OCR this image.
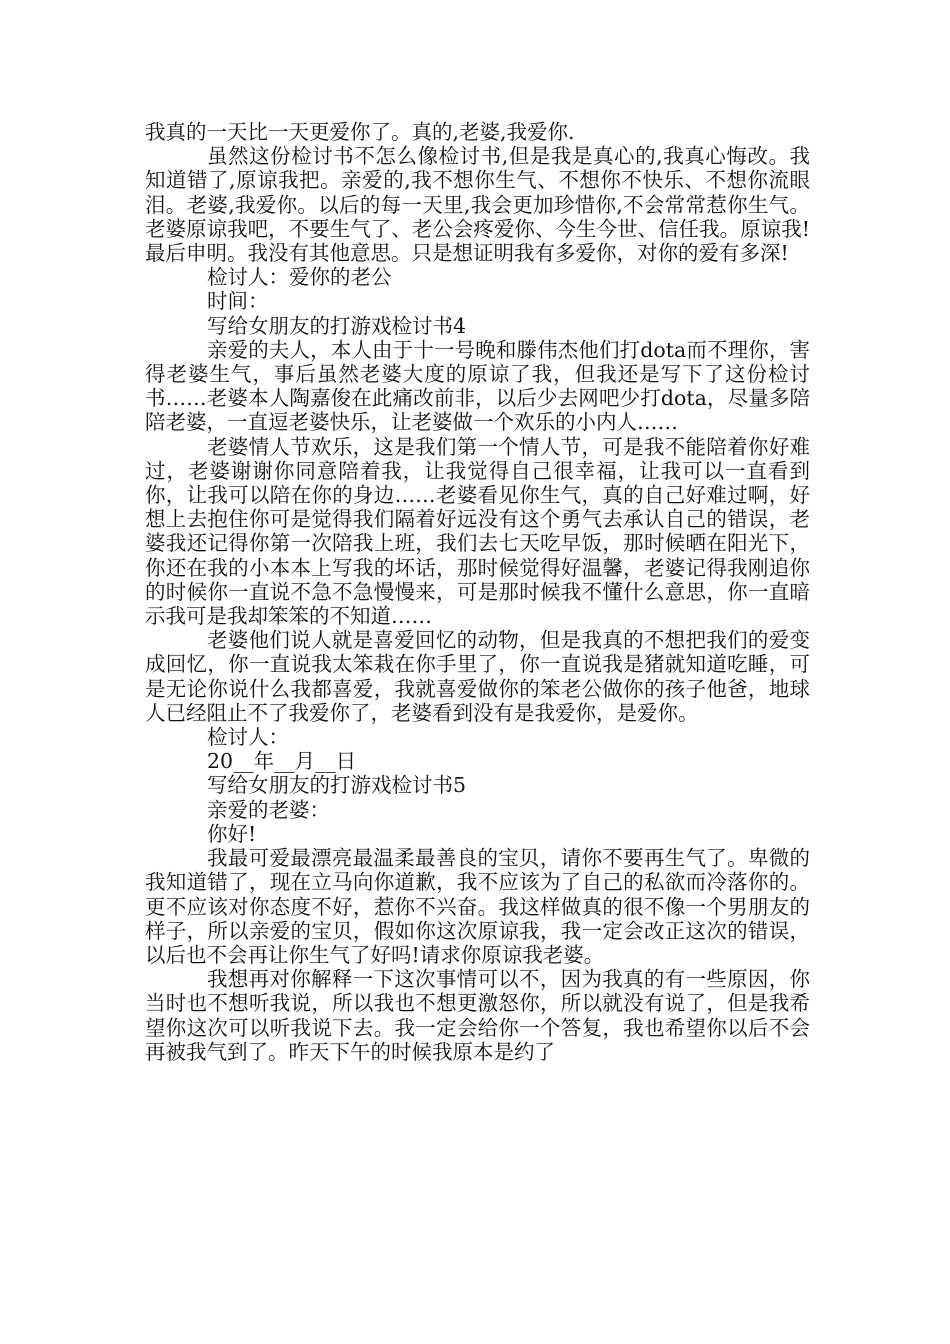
我真的一天比一天更爱你了。真的,老婆,我爱你.

虽然这份检讨书不怎么像检讨书,但是我是真心的,我真心悔改。我知道错了,原谅我把。亲爱的,我不想你生气、不想你不快乐、不想你流眼泪。老婆,我爱你。以后的每一天里,我会更加珍惜你,不会常常惹你生气。老婆原谅我吧，不要生气了、老公会疼爱你、今生今世、信任我。原谅我!最后申明。我没有其他意思。只是想证明我有多爱你，对你的爱有多深!

检讨人：爱你的老公

时间：

写给女朋友的打游戏检讨书4

亲爱的夫人，本人由于十一号晚和滕伟杰他们打dota而不理你，害得老婆生气，事后虽然老婆大度的原谅了我，但我还是写下了这份检讨书……老婆本人陶嘉俊在此痛改前非，以后少去网吧少打dota，尽量多陪陪老婆，一直逗老婆快乐，让老婆做一个欢乐的小内人……

老婆情人节欢乐，这是我们第一个情人节，可是我不能陪着你好难过，老婆谢谢你同意陪着我，让我觉得自己很幸福，让我可以一直看到你，让我可以陪在你的身边……老婆看见你生气，真的自己好难过啊，好想上去抱住你可是觉得我们隔着好远没有这个勇气去承认自己的错误，老婆我还记得你第一次陪我上班，我们去七天吃早饭，那时候晒在阳光下，你还在我的小本本上写我的坏话，那时候觉得好温馨，老婆记得我刚追你的时候你一直说不急不急慢慢来，可是那时候我不懂什么意思，你一直暗示我可是我却笨笨的不知道……

老婆他们说人就是喜爱回忆的动物，但是我真的不想把我们的爱变成回忆，你一直说我太笨栽在你手里了，你一直说我是猪就知道吃睡，可是无论你说什么我都喜爱，我就喜爱做你的笨老公做你的孩子他爸，地球人已经阻止不了我爱你了，老婆看到没有是我爱你，是爱你。

检讨人：

20__年__月__日

写给女朋友的打游戏检讨书5

亲爱的老婆：

你好!

我最可爱最漂亮最温柔最善良的宝贝，请你不要再生气了。卑微的我知道错了，现在立马向你道歉，我不应该为了自己的私欲而冷落你的。更不应该对你态度不好，惹你不兴奋。我这样做真的很不像一个男朋友的样子，所以亲爱的宝贝，假如你这次原谅我，我一定会改正这次的错误，以后也不会再让你生气了好吗!请求你原谅我老婆。

我想再对你解释一下这次事情可以不，因为我真的有一些原因，你当时也不想听我说，所以我也不想更激怒你，所以就没有说了，但是我希望你这次可以听我说下去。我一定会给你一个答复，我也希望你以后不会再被我气到了。昨天下午的时候我原本是约了
